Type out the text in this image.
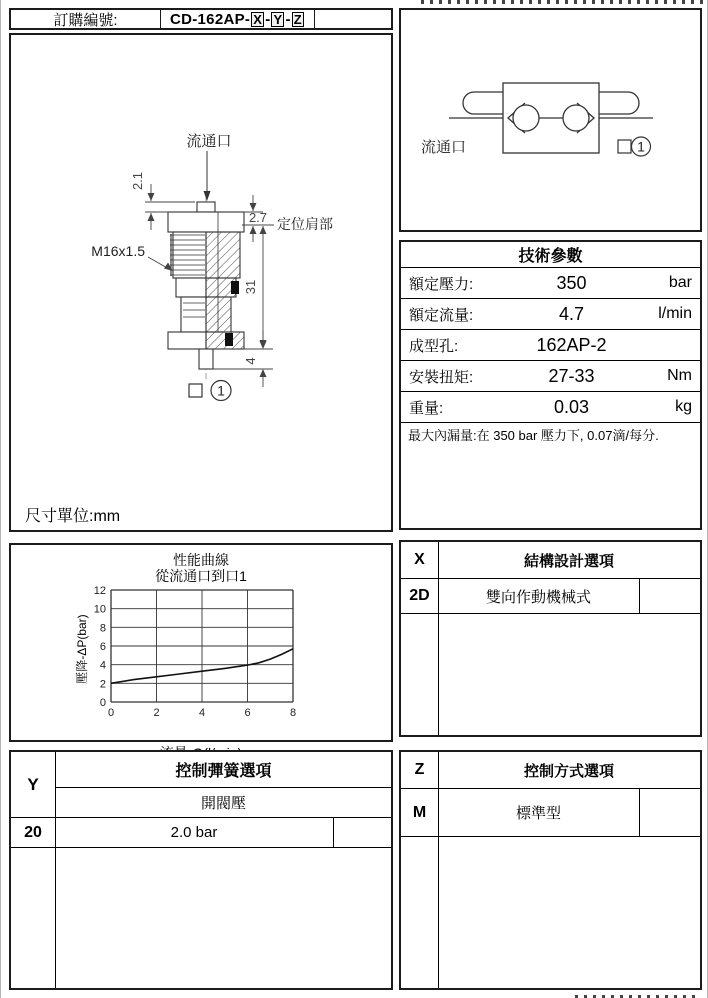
訂購編號:	CD-162AP- X - Y - Z
流通口
2.1
2.7 定位肩部
31
4
M16x1.5
1
尺寸單位:mm
流通口	1
技術參數
額定壓力:	350	bar
額定流量:	4.7	l/min
成型孔:	162AP-2
安裝扭矩:	27-33	Nm
重量:	0.03	kg
最大內漏量:在 350 bar 壓力下, 0.07滴/每分.
性能曲線
從流通口到口1
壓降-ΔP(bar)
0
2
4
6
8
10
12
0	2	4	6	8
X	結構設計選項
2D	雙向作動機械式
Y
控制彈簧選項
開閥壓
20	2.0 bar
Z	控制方式選項
M	標準型
